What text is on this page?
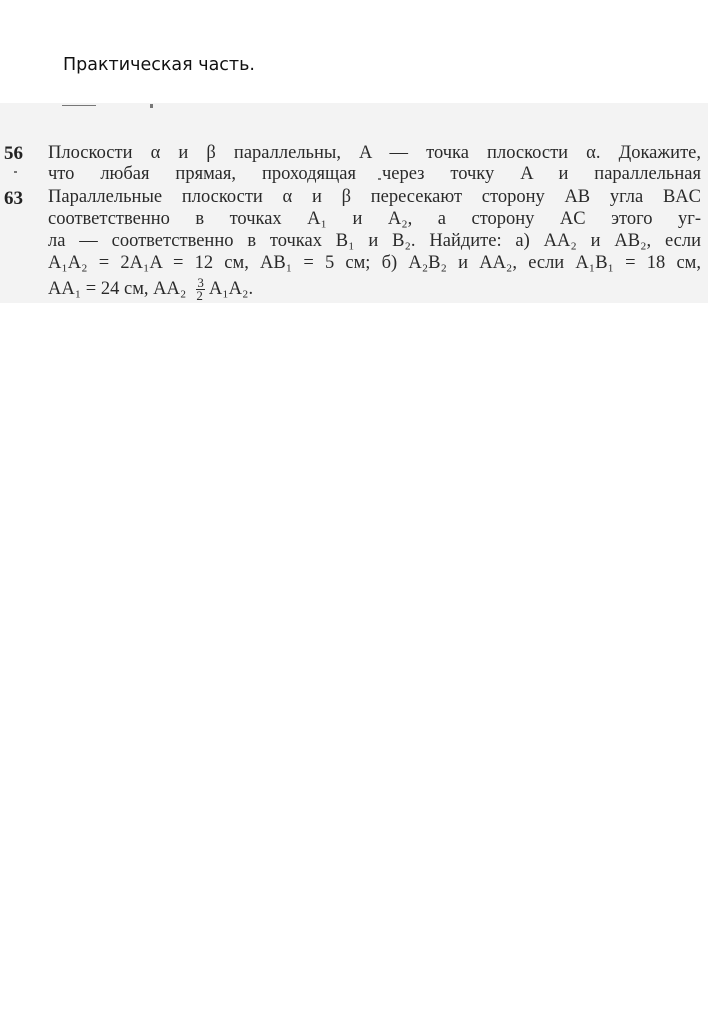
Практическая часть.
56 Плоскости α и β параллельны, A — точка плоскости α. Докажите,
что любая прямая, проходящая через точку A и параллельная
63 Параллельные плоскости α и β пересекают сторону AB угла BAC
соответственно в точках A₁ и A₂, а сторону AC этого уг-
ла — соответственно в точках B₁ и B₂. Найдите: а) AA₂ и AB₂, если
A₁A₂ = 2A₁A = 12 см, AB₁ = 5 см; б) A₂B₂ и AA₂, если A₁B₁ = 18 см,
AA₁ = 24 см, $AA_2 \frac{3}{2} A_1A_2$.
